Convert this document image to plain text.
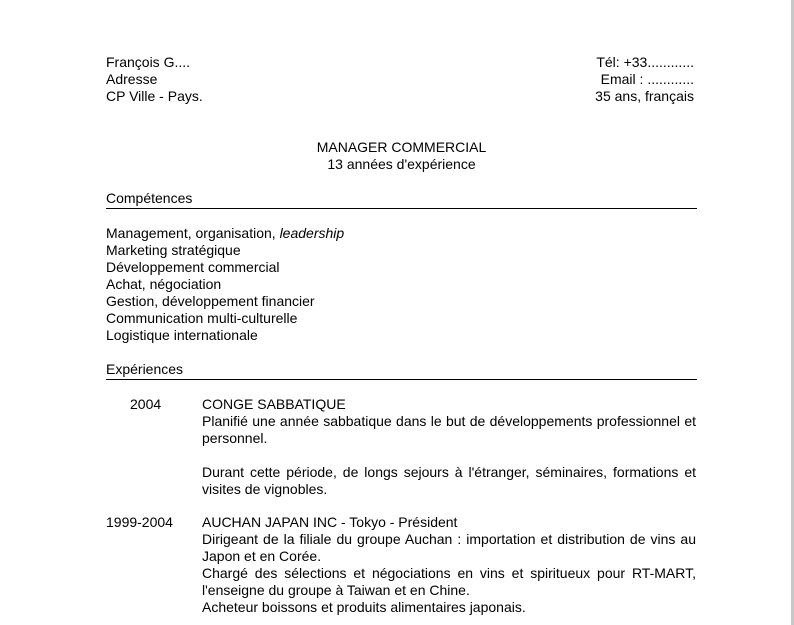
François G....
Adresse
CP Ville - Pays.
Tél: +33............
Email : ............
35 ans, français
MANAGER COMMERCIAL
13 années d'expérience
Compétences
Management, organisation, leadership
Marketing stratégique
Développement commercial
Achat, négociation
Gestion, développement financier
Communication multi-culturelle
Logistique internationale
Expériences
2004	CONGE SABBATIQUE

Planifié une année sabbatique dans le but de développements professionnel et personnel.

Durant cette période, de longs sejours à l'étranger, séminaires, formations et visites de vignobles.

1999-2004 AUCHAN JAPAN INC - Tokyo - Président

Dirigeant de la filiale du groupe Auchan : importation et distribution de vins au Japon et en Corée.

Chargé des sélections et négociations en vins et spiritueux pour RT-MART, l'enseigne du groupe à Taiwan et en Chine.

Acheteur boissons et produits alimentaires japonais.
